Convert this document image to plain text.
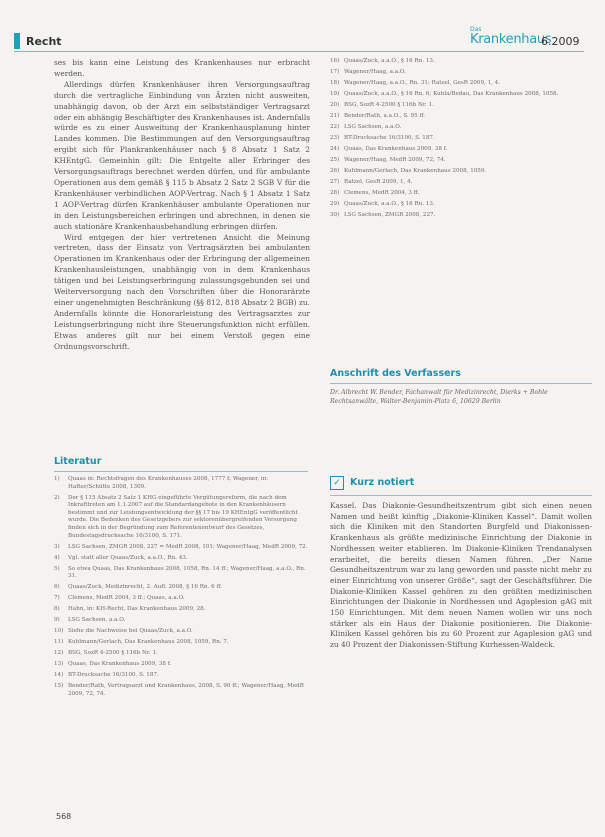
Recht
Das
Krankenhaus
6.2009

ses bis kann eine Leistung des Krankenhauses nur erbracht werden.

Allerdings dürfen Krankenhäuser ihren Versorgungsauftrag durch die vertragliche Einbindung von Ärzten nicht ausweiten, unabhängig davon, ob der Arzt ein selbstständiger Vertragsarzt oder ein abhängig Beschäftigter des Krankenhauses ist. Andernfalls würde es zu einer Ausweitung der Krankenhausplanung hinter Landes kommen. Die Bestimmungen auf den Versorgungsauftrag ergibt sich für Plankrankenhäuser nach § 8 Absatz 1 Satz 2 KHEntgG. Gemeinhin gilt: Die Entgelte aller Erbringer des Versorgungsauftrags berechnet werden dürfen, und für ambulante Operationen aus dem gemäß § 115 b Absatz 2 Satz 2 SGB V für die Krankenhäuser verbindlichen AOP-Vertrag. Nach § 1 Absatz 1 Satz 1 AOP-Vertrag dürfen Krankenhäuser ambulante Operationen nur in den Leistungsbereichen erbringen und abrechnen, in denen sie auch stationäre Krankenhausbehandlung erbringen dürfen.

Wird entgegen der hier vertretenen Ansicht die Meinung vertreten, dass der Einsatz von Vertragsärzten bei ambulanten Operationen im Krankenhaus oder der Erbringung der allgemeinen Krankenhausleistungen, unabhängig von in dem Krankenhaus tätigen und bei Leistungserbringung zulassungsgebunden sei und Weiterversorgung nach den Vorschriften über die Honorarärzte einer ungenehmigten Beschränkung (§§ 812, 818 Absatz 2 BGB) zu. Andernfalls könnte die Honorarleistung des Vertragsarztes zur Leistungserbringung nicht ihre Steuerungsfunktion nicht erfüllen. Etwas anderes gilt nur bei einem Verstoß gegen eine Ordnungsvorschrift.

Literatur
1)	Quaas in: Rechtsfragen des Krankenhauses 2008, 1777 f; Wagener, in: Hafter/Schütte 2008, 1309.
2)	Der § 115 Absatz 2 Satz 1 KHG eingeführte Vergütungsreform, die nach dem Inkrafttreten am 1.1.2007 auf die Standardangebote in den Krankenhäusern bestimmt und zur Leistungsentwicklung der §§ 17 bis 19 KHEntgG veröffentlicht wurde. Die Bedenken des Gesetzgebers zur sektorenübergreifenden Versorgung finden sich in der Begründung zum Referentenentwurf des Gesetzes, Bundestagsdrucksache 16/3100, S. 171.
3)	LSG Sachsen, ZMGR 2008, 227 = MedR 2008, 101; Wagener/Haag, MedR 2009, 72.
4)	Vgl. statt aller Quaas/Zuck, a.a.O., Rn. 43.
5)	So etwa Quaas, Das Krankenhaus 2008, 1058, Rn. 14 ff.; Wagener/Haag, a.a.O., Rn. 31.
6)	Quaas/Zuck, Medizinrecht, 2. Aufl. 2008, § 16 Rn. 6 ff.
7)	Clemens, MedR 2004, 3 ff.; Quaas, a.a.O.
8)	Hahn, in: KH-Recht, Das Krankenhaus 2009, 28.
9)	LSG Sachsen, a.a.O.
10) Siehe die Nachweise bei Quaas/Zuck, a.a.O.
11) Kuhlmann/Gerlach, Das Krankenhaus 2008, 1059, Rn. 7.
12) BSG, SozR 4-2500 § 116b Nr. 1.
13) Quaas, Das Krankenhaus 2009, 38 f.
14) BT-Drucksache 16/3100, S. 187.
15) Bender/Rath, Vertragsarzt und Krankenhaus, 2008, S. 90 ff.; Wagener/Haag, MedR 2009, 72, 74.
16) Quaas/Zuck, a.a.O., § 16 Rn. 13.
17) Wagener/Haag, a.a.O.
18) Wagener/Haag, a.a.O., Rn. 31; Ratzel, GesR 2009, 1, 4.
19) Quaas/Zuck, a.a.O., § 16 Rn. 6; Kuhla/Bedau, Das Krankenhaus 2008, 1058.
20) BSG, SozR 4-2500 § 116b Nr. 1.
21) Bender/Rath, a.a.O., S. 95 ff.
22) LSG Sachsen, a.a.O.
23) BT-Drucksache 16/3100, S. 187.
24) Quaas, Das Krankenhaus 2009, 38 f.
25) Wagener/Haag, MedR 2009, 72, 74.
26) Kuhlmann/Gerlach, Das Krankenhaus 2008, 1059.
27) Ratzel, GesR 2009, 1, 4.
28) Clemens, MedR 2004, 3 ff.
29) Quaas/Zuck, a.a.O., § 16 Rn. 13.
30) LSG Sachsen, ZMGR 2008, 227.
Anschrift des Verfassers
Dr. Albrecht W. Bender, Fachanwalt für Medizinrecht, Dierks + Bohle Rechtsanwälte, Walter-Benjamin-Platz 6, 10629 Berlin
✓ Kurz notiert

Kassel. Das Diakonie-Gesundheitszentrum gibt sich einen neuen Namen und heißt künftig „Diakonie-Kliniken Kassel“. Damit wollen sich die Kliniken mit den Standorten Burgfeld und Diakonissen-Krankenhaus als größte medizinische Einrichtung der Diakonie in Nordhessen weiter etablieren. Im Diakonie-Kliniken Trendanalysen erarbeitet, die bereits diesen Namen führen. „Der Name Gesundheitszentrum war zu lang geworden und passte nicht mehr zu einer Einrichtung von unserer Größe“, sagt der Geschäftsführer. Die Diakonie-Kliniken Kassel gehören zu den größten medizinischen Einrichtungen der Diakonie in Nordhessen und Agaplesion gAG mit 150 Einrichtungen. Mit dem neuen Namen wollen wir uns noch stärker als ein Haus der Diakonie positionieren. Die Diakonie-Kliniken Kassel gehören bis zu 60 Prozent zur Agaplesion gAG und zu 40 Prozent der Diakonissen-Stiftung Kurhessen-Waldeck.

568
